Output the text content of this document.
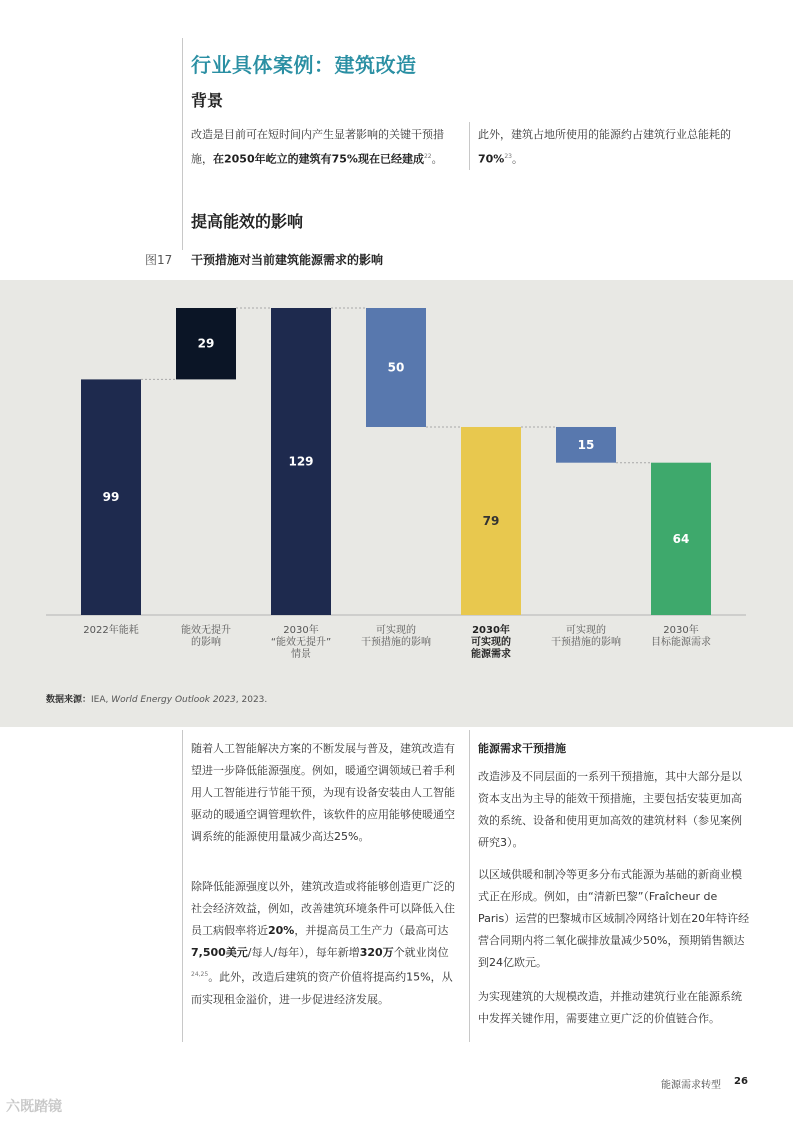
行业具体案例：建筑改造
背景

改造是目前可在短时间内产生显著影响的关键干预措施，在2050年屹立的建筑有75%现在已经建成$^{22}$。

此外，建筑占地所使用的能源约占建筑行业总能耗的70%$^{23}$。

提高能效的影响
图17 干预措施对当前建筑能源需求的影响
99
2022年能耗
29
能效无提升的影响
129
2030年“能效无提升”情景
50
可实现的干预措施的影响
79
2030年可实现的能源需求
15
可实现的干预措施的影响
64
2030年目标能源需求
数据来源：IEA, World Energy Outlook 2023, 2023.

随着人工智能解决方案的不断发展与普及，建筑改造有望进一步降低能源强度。例如，暖通空调领域已着手利用人工智能进行节能干预，为现有设备安装由人工智能驱动的暖通空调管理软件，该软件的应用能够使暖通空调系统的能源使用量减少高达25%。

除降低能源强度以外，建筑改造或将能够创造更广泛的社会经济效益，例如，改善建筑环境条件可以降低入住员工病假率将近20%，并提高员工生产力（最高可达7,500美元/每人/每年），每年新增320万个就业岗位$^{24,25}$。此外，改造后建筑的资产价值将提高约15%，从而实现租金溢价，进一步促进经济发展。

能源需求干预措施

改造涉及不同层面的一系列干预措施，其中大部分是以资本支出为主导的能效干预措施，主要包括安装更加高效的系统、设备和使用更加高效的建筑材料（参见案例研究3）。

以区域供暖和制冷等更多分布式能源为基础的新商业模式正在形成。例如，由“清新巴黎”（Fraîcheur de Paris）运营的巴黎城市区域制冷网络计划在20年特许经营合同期内将二氧化碳排放量减少50%，预期销售额达到24亿欧元。

为实现建筑的大规模改造，并推动建筑行业在能源系统中发挥关键作用，需要建立更广泛的价值链合作。

能源需求转型 26
六既踏镜
